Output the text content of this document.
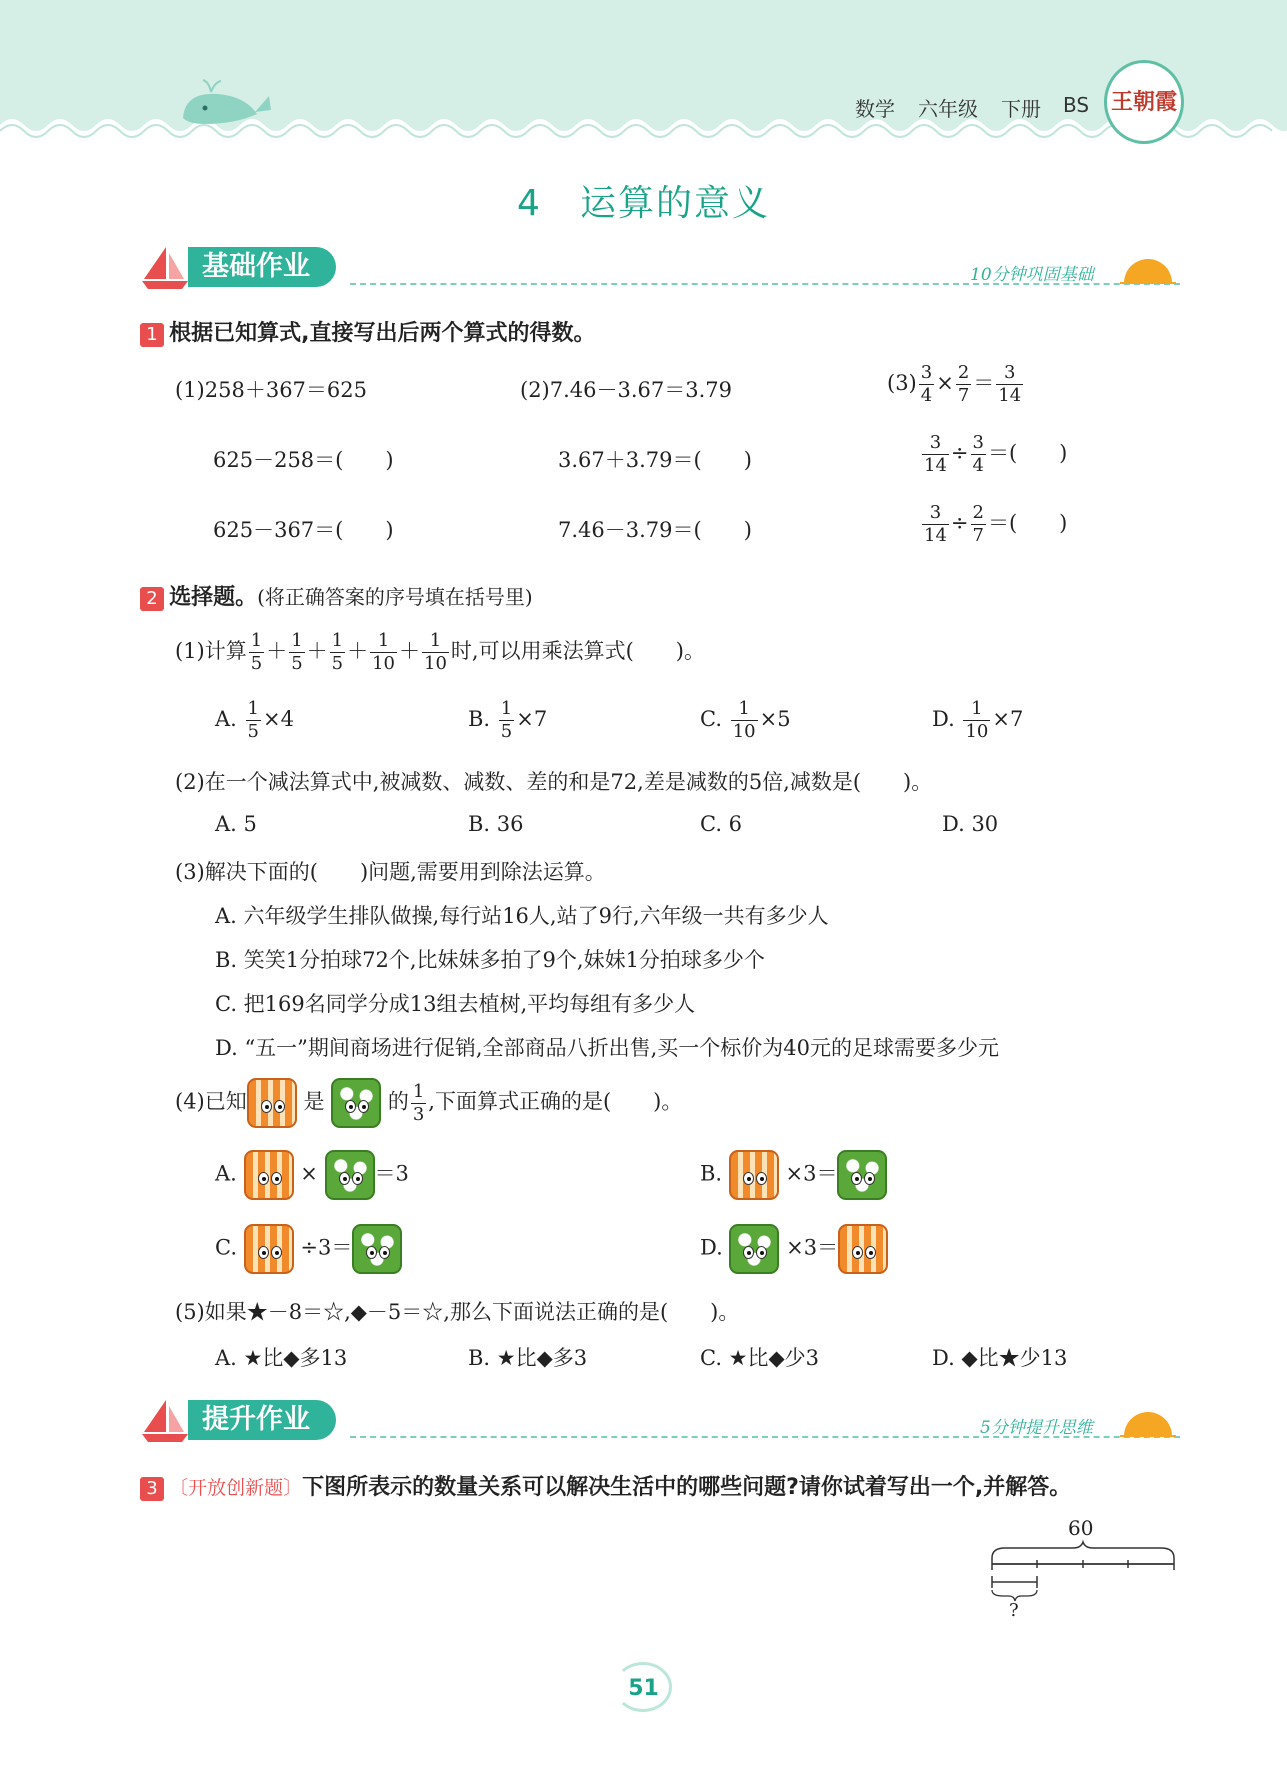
数学 六年级 下册 BS 王朝霞
4　运算的意义
基础作业	10分钟巩固基础
1 根据已知算式,直接写出后两个算式的得数。
(1)258＋367＝625
625－258＝(　　)
625－367＝(　　)
(2)7.46－3.67＝3.79
3.67＋3.79＝(　　)
7.46－3.79＝(　　)
$(3) \frac{3}{4} \times \frac{2}{7} = \frac{3}{14}$
$\frac{3}{14} \div \frac{3}{4}$ ＝(　　)
$\frac{3}{14} \div \frac{2}{7}$ ＝(　　)
2 选择题。(将正确答案的序号填在括号里)
(1)计算 $\frac{1}{5} + \frac{1}{5} + \frac{1}{5} + \frac{1}{10} + \frac{1}{10}$ 时,可以用乘法算式(　　)。
A. $\frac{1}{5} \times 4$	B. $\frac{1}{5} \times 7$	C. $\frac{1}{10} \times 5$	D. $\frac{1}{10} \times 7$
(2)在一个减法算式中,被减数、减数、差的和是72,差是减数的5倍,减数是(　　)。
A. 5	B. 36	C. 6	D. 30
(3)解决下面的(　　)问题,需要用到除法运算。
A. 六年级学生排队做操,每行站16人,站了9行,六年级一共有多少人
B. 笑笑1分拍球72个,比妹妹多拍了9个,妹妹1分拍球多少个
C. 把169名同学分成13组去植树,平均每组有多少人
D. “五一”期间商场进行促销,全部商品八折出售,买一个标价为40元的足球需要多少元
(4)已知	是	的 $\frac{1}{3}$ ,下面算式正确的是(　　)。
A.	×	＝3	B.	×3＝
C.	÷3＝	D.	×3＝
(5)如果★－8＝☆,◆－5＝☆,那么下面说法正确的是(　　)。
A. ★比◆多13	B. ★比◆多3	C. ★比◆少3	D. ◆比★少13
提升作业	5分钟提升思维
3 〔开放创新题〕下图所表示的数量关系可以解决生活中的哪些问题?请你试着写出一个,并解答。
60
?
51
